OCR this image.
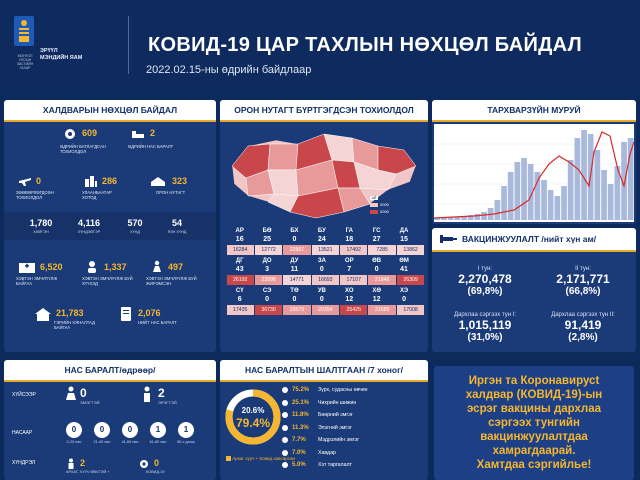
МОНГОЛ УЛСЫН ЗАСГИЙН ГАЗАР
ЭРҮҮЛ
МЭНДИЙН ЯАМ
КОВИД-19 ЦАР ТАХЛЫН НӨХЦӨЛ БАЙДАЛ
2022.02.15-ны өдрийн байдлаар
ХАЛДВАРЫН НӨХЦӨЛ БАЙДАЛ
609
ӨДРИЙН БАТЛАГДСАН ТОХИОЛДОЛ
2
ӨДРИЙН НАС БАРАЛТ
0
ЗӨӨВӨРЛӨГДСӨН ТОХИОЛДОЛ
286
УЛААНБААТАР ХОТОД
323
ОРОН НУТАГТ
1,780
ХИЙГЭН
4,116
ХҮНДЭВТЭР
570
ХҮНД
54
ЯЗН ХҮНД
6,520
ХЭВТЭН ЭМЧЛҮҮЛЖ БАЙГАА
1,337
ХЭВТЭН ЭМЧЛҮҮЛЖ БУЙ ХҮҮХЭД
497
ХЭВТЭН ЭМЧЛҮҮЛЖ БУЙ ЖИРЭМСЭН
21,783
ГЭРИЙН ХЯНАЛТАД БАЙГАА
2,076
НИЙТ НАС БАРАЛТ
ОРОН НУТАГТ БҮРТГЭГДСЭН ТОХИОЛДОЛ
АЙ
0000
0000
АР	БӨ	БХ	БУ	ГА	ГС	ДА
16	25	0	24	18	27	15
16284	12772	22567	13521	17492	7285	13862
ДГ	ДО	ДУ	ЗА	ОР	ӨВ	ӨМ
43	3	11	0	7	0	41
26192	23598	14771	16693	17107	21848	26309
СҮ	СЭ	ТӨ	УВ	ХО	ХӨ	ХЭ
6	0	0	0	12	12	0
17435	36730	20579	20394	25425	21689	17008
ТАРХВАРЗҮЙН МУРУЙ
ВАКЦИНЖУУЛАЛТ /нийт хүн ам/
I тун:
2,270,478
(69,8%)
II тун:
2,171,771
(66,8%)
Дархлаа сэргээх тун I:
1,015,119
(31,0%)
Дархлаа сэргээх тун II:
91,419
(2,8%)
НАС БАРАЛТ/өдрөөр/
ХҮЙСЭЭР	0
ЭМЭГТЭЙ
2
ЭРЭГТЭЙ
НАСААР	0
0-20 нас
0
21-40 нас
0
41-60 нас
1
61-80 нас
1
80-с дээш
ХҮНДРЭЛ	2
АРХАГ, ХУУЧ ӨВЧТЭЙ +
0
КОВИД-19
НАС БАРАЛТЫН ШАЛТГААН /7 хоног/
20.6%
79.4%
Архаг хууч + Ковид хавсарсан
75.2%	Зүрх, судасны өвчин
25.1%	Чихрийн шижин
11.8%	Бөөрний эмгэг
11.3%	Элэгний эмгэг
7.7%	Мэдрэлийн эмгэг
7.0%	Хавдар
5.0%	Хэт таргалалт
Иргэн та Коронавирусt
халдвар (КОВИД-19)-ын
эсрэг вакцины дархлаа
сэргээх тунгийн
вакцинжуулалтдаа
хамрагдаарай.
Хамтдаа сэргийлье!
